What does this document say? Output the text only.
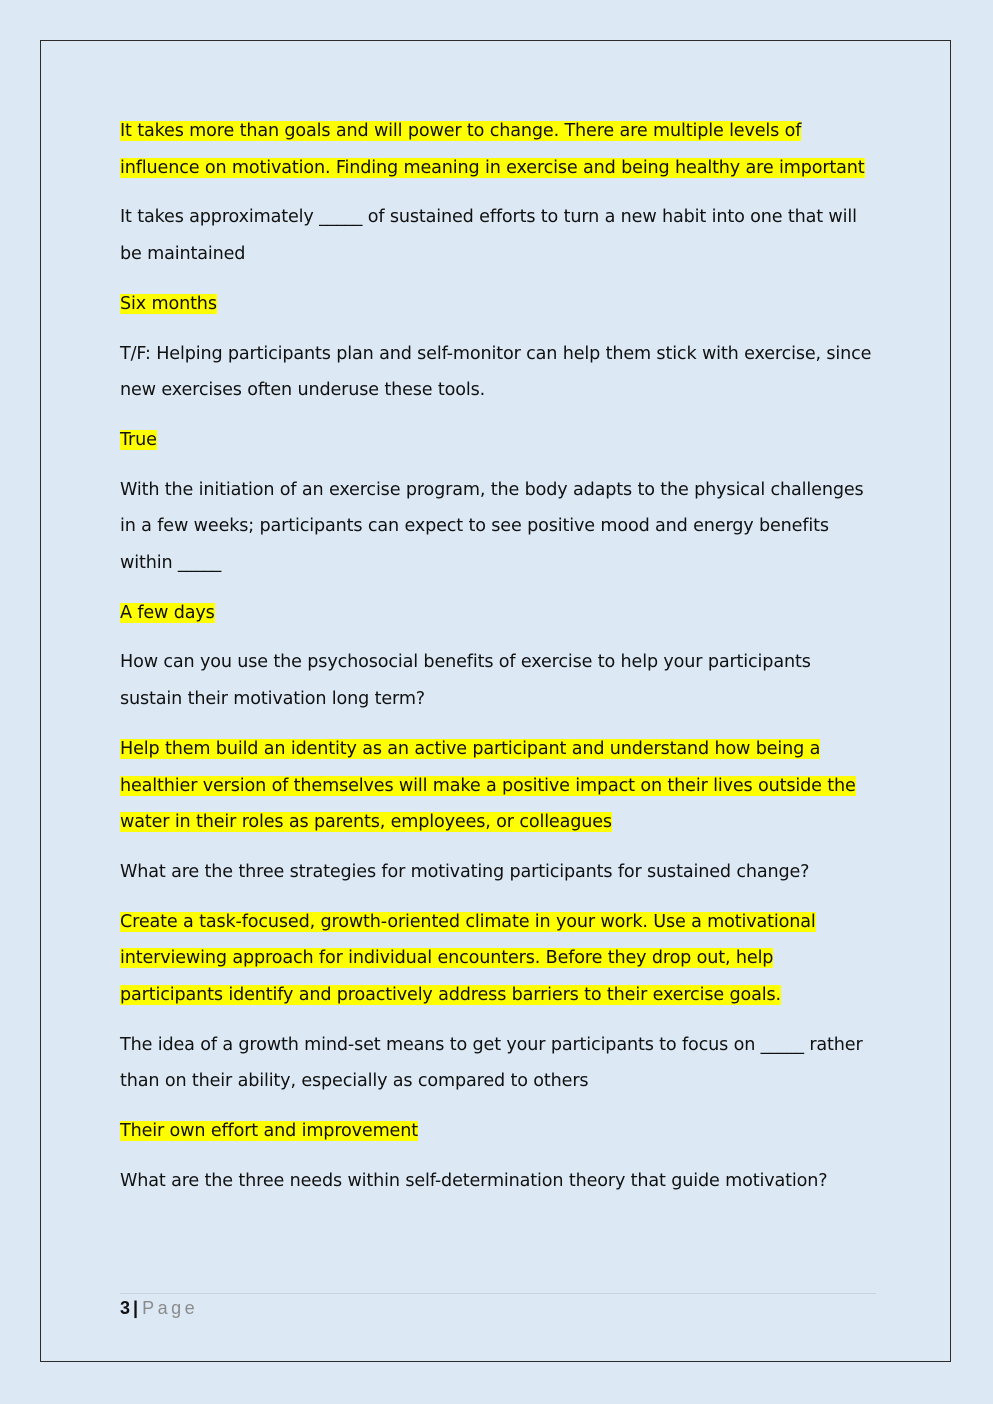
It takes more than goals and will power to change. There are multiple levels of influence on motivation. Finding meaning in exercise and being healthy are important

It takes approximately _____ of sustained efforts to turn a new habit into one that will be maintained

Six months

T/F: Helping participants plan and self-monitor can help them stick with exercise, since new exercises often underuse these tools.

True

With the initiation of an exercise program, the body adapts to the physical challenges in a few weeks; participants can expect to see positive mood and energy benefits within _____

A few days

How can you use the psychosocial benefits of exercise to help your participants sustain their motivation long term?

Help them build an identity as an active participant and understand how being a healthier version of themselves will make a positive impact on their lives outside the water in their roles as parents, employees, or colleagues

What are the three strategies for motivating participants for sustained change?

Create a task-focused, growth-oriented climate in your work. Use a motivational interviewing approach for individual encounters. Before they drop out, help participants identify and proactively address barriers to their exercise goals.

The idea of a growth mind-set means to get your participants to focus on _____ rather than on their ability, especially as compared to others

Their own effort and improvement

What are the three needs within self-determination theory that guide motivation?

3 | Page
